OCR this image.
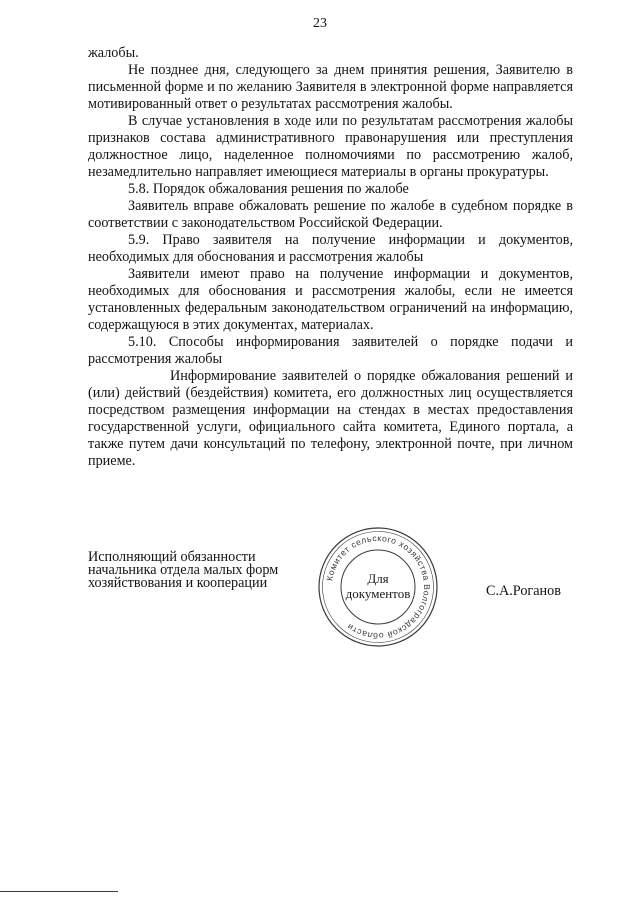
23

жалобы.

Не позднее дня, следующего за днем принятия решения, Заявителю в письменной форме и по желанию Заявителя в электронной форме направляется мотивированный ответ о результатах рассмотрения жалобы.

В случае установления в ходе или по результатам рассмотрения жалобы признаков состава административного правонарушения или преступления должностное лицо, наделенное полномочиями по рассмотрению жалоб, незамедлительно направляет имеющиеся материалы в органы прокуратуры.

5.8. Порядок обжалования решения по жалобе

Заявитель вправе обжаловать решение по жалобе в судебном порядке в соответствии с законодательством Российской Федерации.

5.9. Право заявителя на получение информации и документов, необходимых для обоснования и рассмотрения жалобы

Заявители имеют право на получение информации и документов, необходимых для обоснования и рассмотрения жалобы, если не имеется установленных федеральным законодательством ограничений на информацию, содержащуюся в этих документах, материалах.

5.10. Способы информирования заявителей о порядке подачи и рассмотрения жалобы

Информирование заявителей о порядке обжалования решений и (или) действий (бездействия) комитета, его должностных лиц осуществляется посредством размещения информации на стендах в местах предоставления государственной услуги, официального сайта комитета, Единого портала, а также путем дачи консультаций по телефону, электронной почте, при личном приеме.

Исполняющий обязанности
начальника отдела малых форм
хозяйствования и кооперации	Комитет сельского хозяйства Волгоградской области
Для
документов	С.А.Роганов
